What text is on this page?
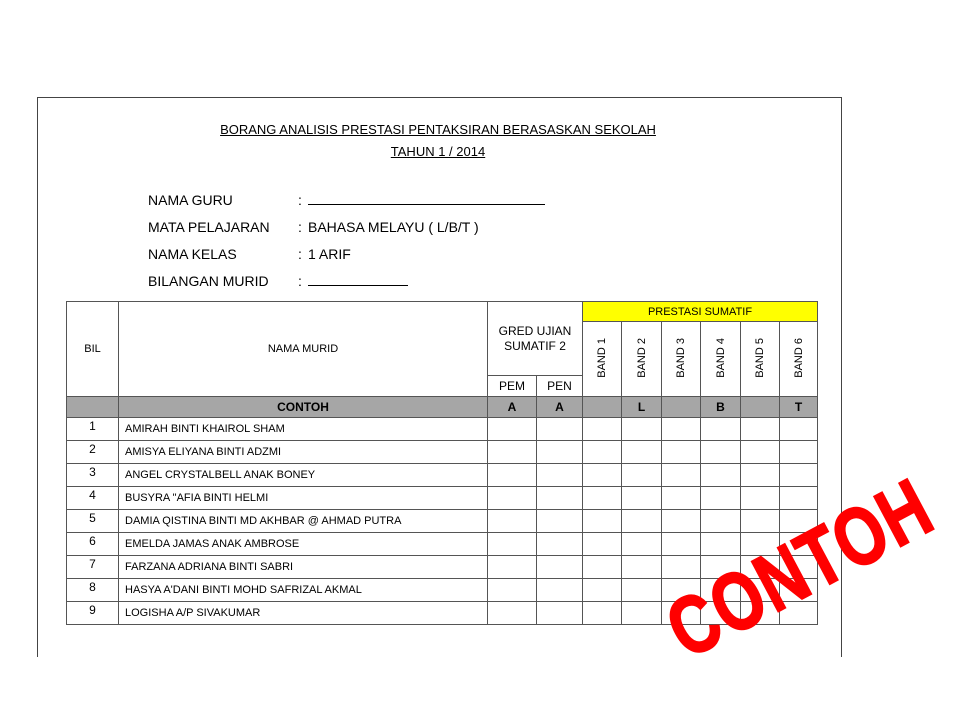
BORANG ANALISIS PRESTASI PENTAKSIRAN BERASASKAN SEKOLAH
TAHUN 1 / 2014
NAMA GURU	:
MATA PELAJARAN	: BAHASA MELAYU ( L/B/T )
NAMA KELAS	: 1 ARIF
BILANGAN MURID	:
BIL	NAMA MURID	GRED UJIAN SUMATIF 2		PRESTASI SUMATIF					
				BAND 1	BAND 2	BAND 3	BAND 4	BAND 5	BAND 6
		PEM	PEN						
	CONTOH	A	A		L		B		T
1	AMIRAH BINTI KHAIROL SHAM								
2	AMISYA ELIYANA BINTI ADZMI								
3	ANGEL CRYSTALBELL ANAK BONEY								
4	BUSYRA "AFIA BINTI HELMI								
5	DAMIA QISTINA BINTI MD AKHBAR @ AHMAD PUTRA								
6	EMELDA JAMAS ANAK AMBROSE								
7	FARZANA ADRIANA BINTI SABRI								
8	HASYA A'DANI BINTI MOHD SAFRIZAL AKMAL								
9	LOGISHA A/P SIVAKUMAR									CONTOH
